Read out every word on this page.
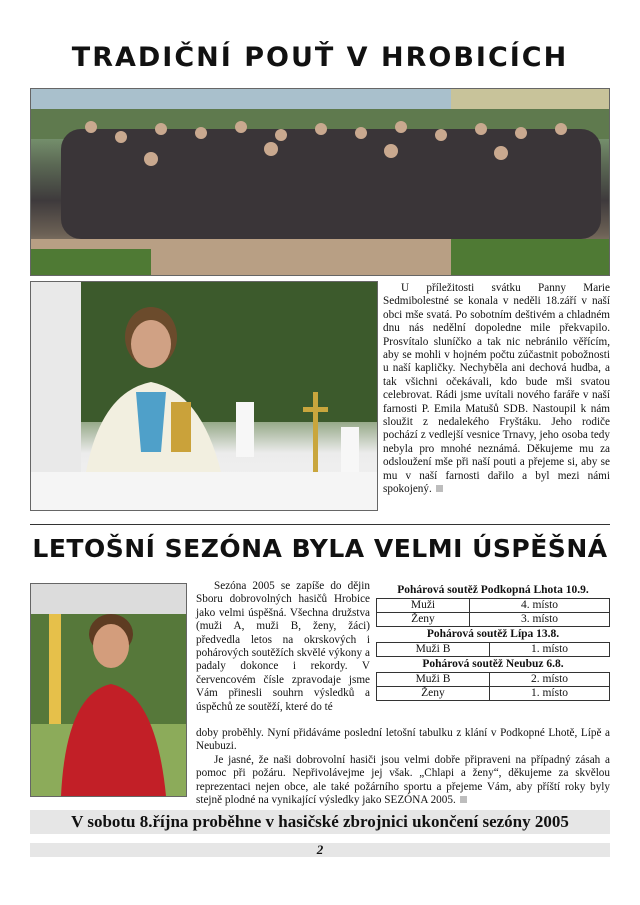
TRADIČNÍ POUŤ V HROBICÍCH

U příležitosti svátku Panny Marie Sedmibolestné se konala v neděli 18.září v naší obci mše svatá. Po sobotním deštivém a chladném dnu nás nedělní dopoledne mile překvapilo. Prosvítalo sluníčko a tak nic nebránilo věřícím, aby se mohli v hojném počtu zúčastnit pobožnosti u naší kapličky. Nechyběla ani dechová hudba, a tak všichni očekávali, kdo bude mši svatou celebrovat. Rádi jsme uvítali nového faráře v naší farnosti P. Emila Matušů SDB. Nastoupil k nám sloužit z nedalekého Fryštáku. Jeho rodiče pochází z vedlejší vesnice Trnavy, jeho osoba tedy nebyla pro mnohé neznámá. Děkujeme mu za odsloužení mše při naší pouti a přejeme si, aby se mu v naší farnosti dařilo a byl mezi námi spokojený.

LETOŠNÍ SEZÓNA BYLA VELMI ÚSPĚŠNÁ

Sezóna 2005 se zapíše do dějin Sboru dobrovolných hasičů Hrobice jako velmi úspěšná. Všechna družstva (muži A, muži B, ženy, žáci) předvedla letos na okrskových i pohárových soutěžích skvělé výkony a padaly dokonce i rekordy. V červencovém čísle zpravodaje jsme Vám přinesli souhrn výsledků a úspěchů ze soutěží, které do té

Pohárová soutěž Podkopná Lhota 10.9.
Muži	4. místo
Ženy	3. místo
Pohárová soutěž Lípa 13.8.
Muži B	1. místo
Pohárová soutěž Neubuz 6.8.
Muži B	2. místo
Ženy	1. místo

doby proběhly. Nyní přidáváme poslední letošní tabulku z klání v Podkopné Lhotě, Lípě a Neubuzi.

Je jasné, že naši dobrovolní hasiči jsou velmi dobře připraveni na případný zásah a pomoc při požáru. Nepřivolávejme jej však. „Chlapi a ženy“, děkujeme za skvělou reprezentaci nejen obce, ale také požárního sportu a přejeme Vám, aby příští roky byly stejně plodné na vynikající výsledky jako SEZÓNA 2005.

V sobotu 8.října proběhne v hasičské zbrojnici ukončení sezóny 2005
2
